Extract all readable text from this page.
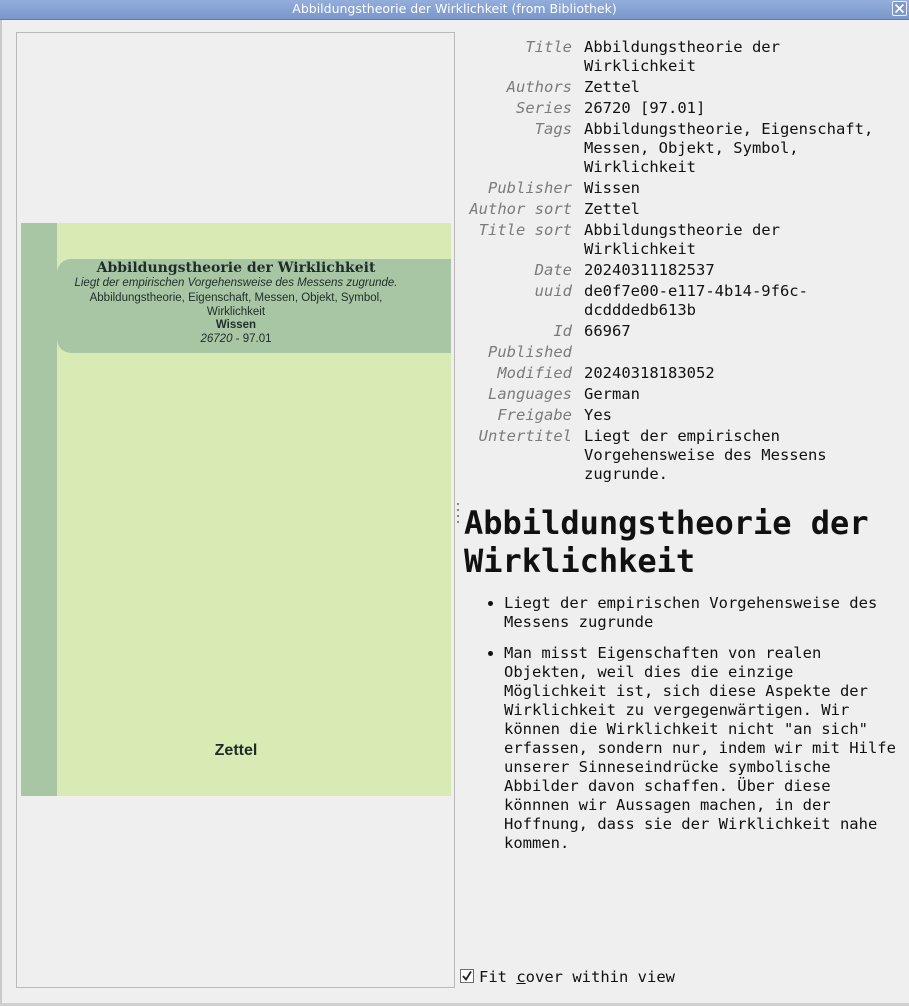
Abbildungstheorie der Wirklichkeit (from Bibliothek)
Abbildungstheorie der Wirklichkeit
Liegt der empirischen Vorgehensweise des Messens zugrunde.
Abbildungstheorie, Eigenschaft, Messen, Objekt, Symbol, Wirklichkeit
Wissen
26720 - 97.01
Zettel
Title Abbildungstheorie der
Wirklichkeit
Authors Zettel
Series 26720 [97.01]
Tags Abbildungstheorie, Eigenschaft,
Messen, Objekt, Symbol,
Wirklichkeit
Publisher Wissen
Author sort Zettel
Title sort Abbildungstheorie der
Wirklichkeit
Date 20240311182537
uuid de0f7e00-e117-4b14-9f6c-
dcdddedb613b
Id 66967
Published
Modified 20240318183052
Languages German
Freigabe Yes
Untertitel Liegt der empirischen
Vorgehensweise des Messens
zugrunde.
Abbildungstheorie der Wirklichkeit
• Liegt der empirischen Vorgehensweise des Messens zugrunde
• Man misst Eigenschaften von realen Objekten, weil dies die einzige Möglichkeit ist, sich diese Aspekte der Wirklichkeit zu vergegenwärtigen. Wir können die Wirklichkeit nicht "an sich" erfassen, sondern nur, indem wir mit Hilfe unserer Sinneseindrücke symbolische Abbilder davon schaffen. Über diese könnnen wir Aussagen machen, in der Hoffnung, dass sie der Wirklichkeit nahe kommen.
Fit cover within view
